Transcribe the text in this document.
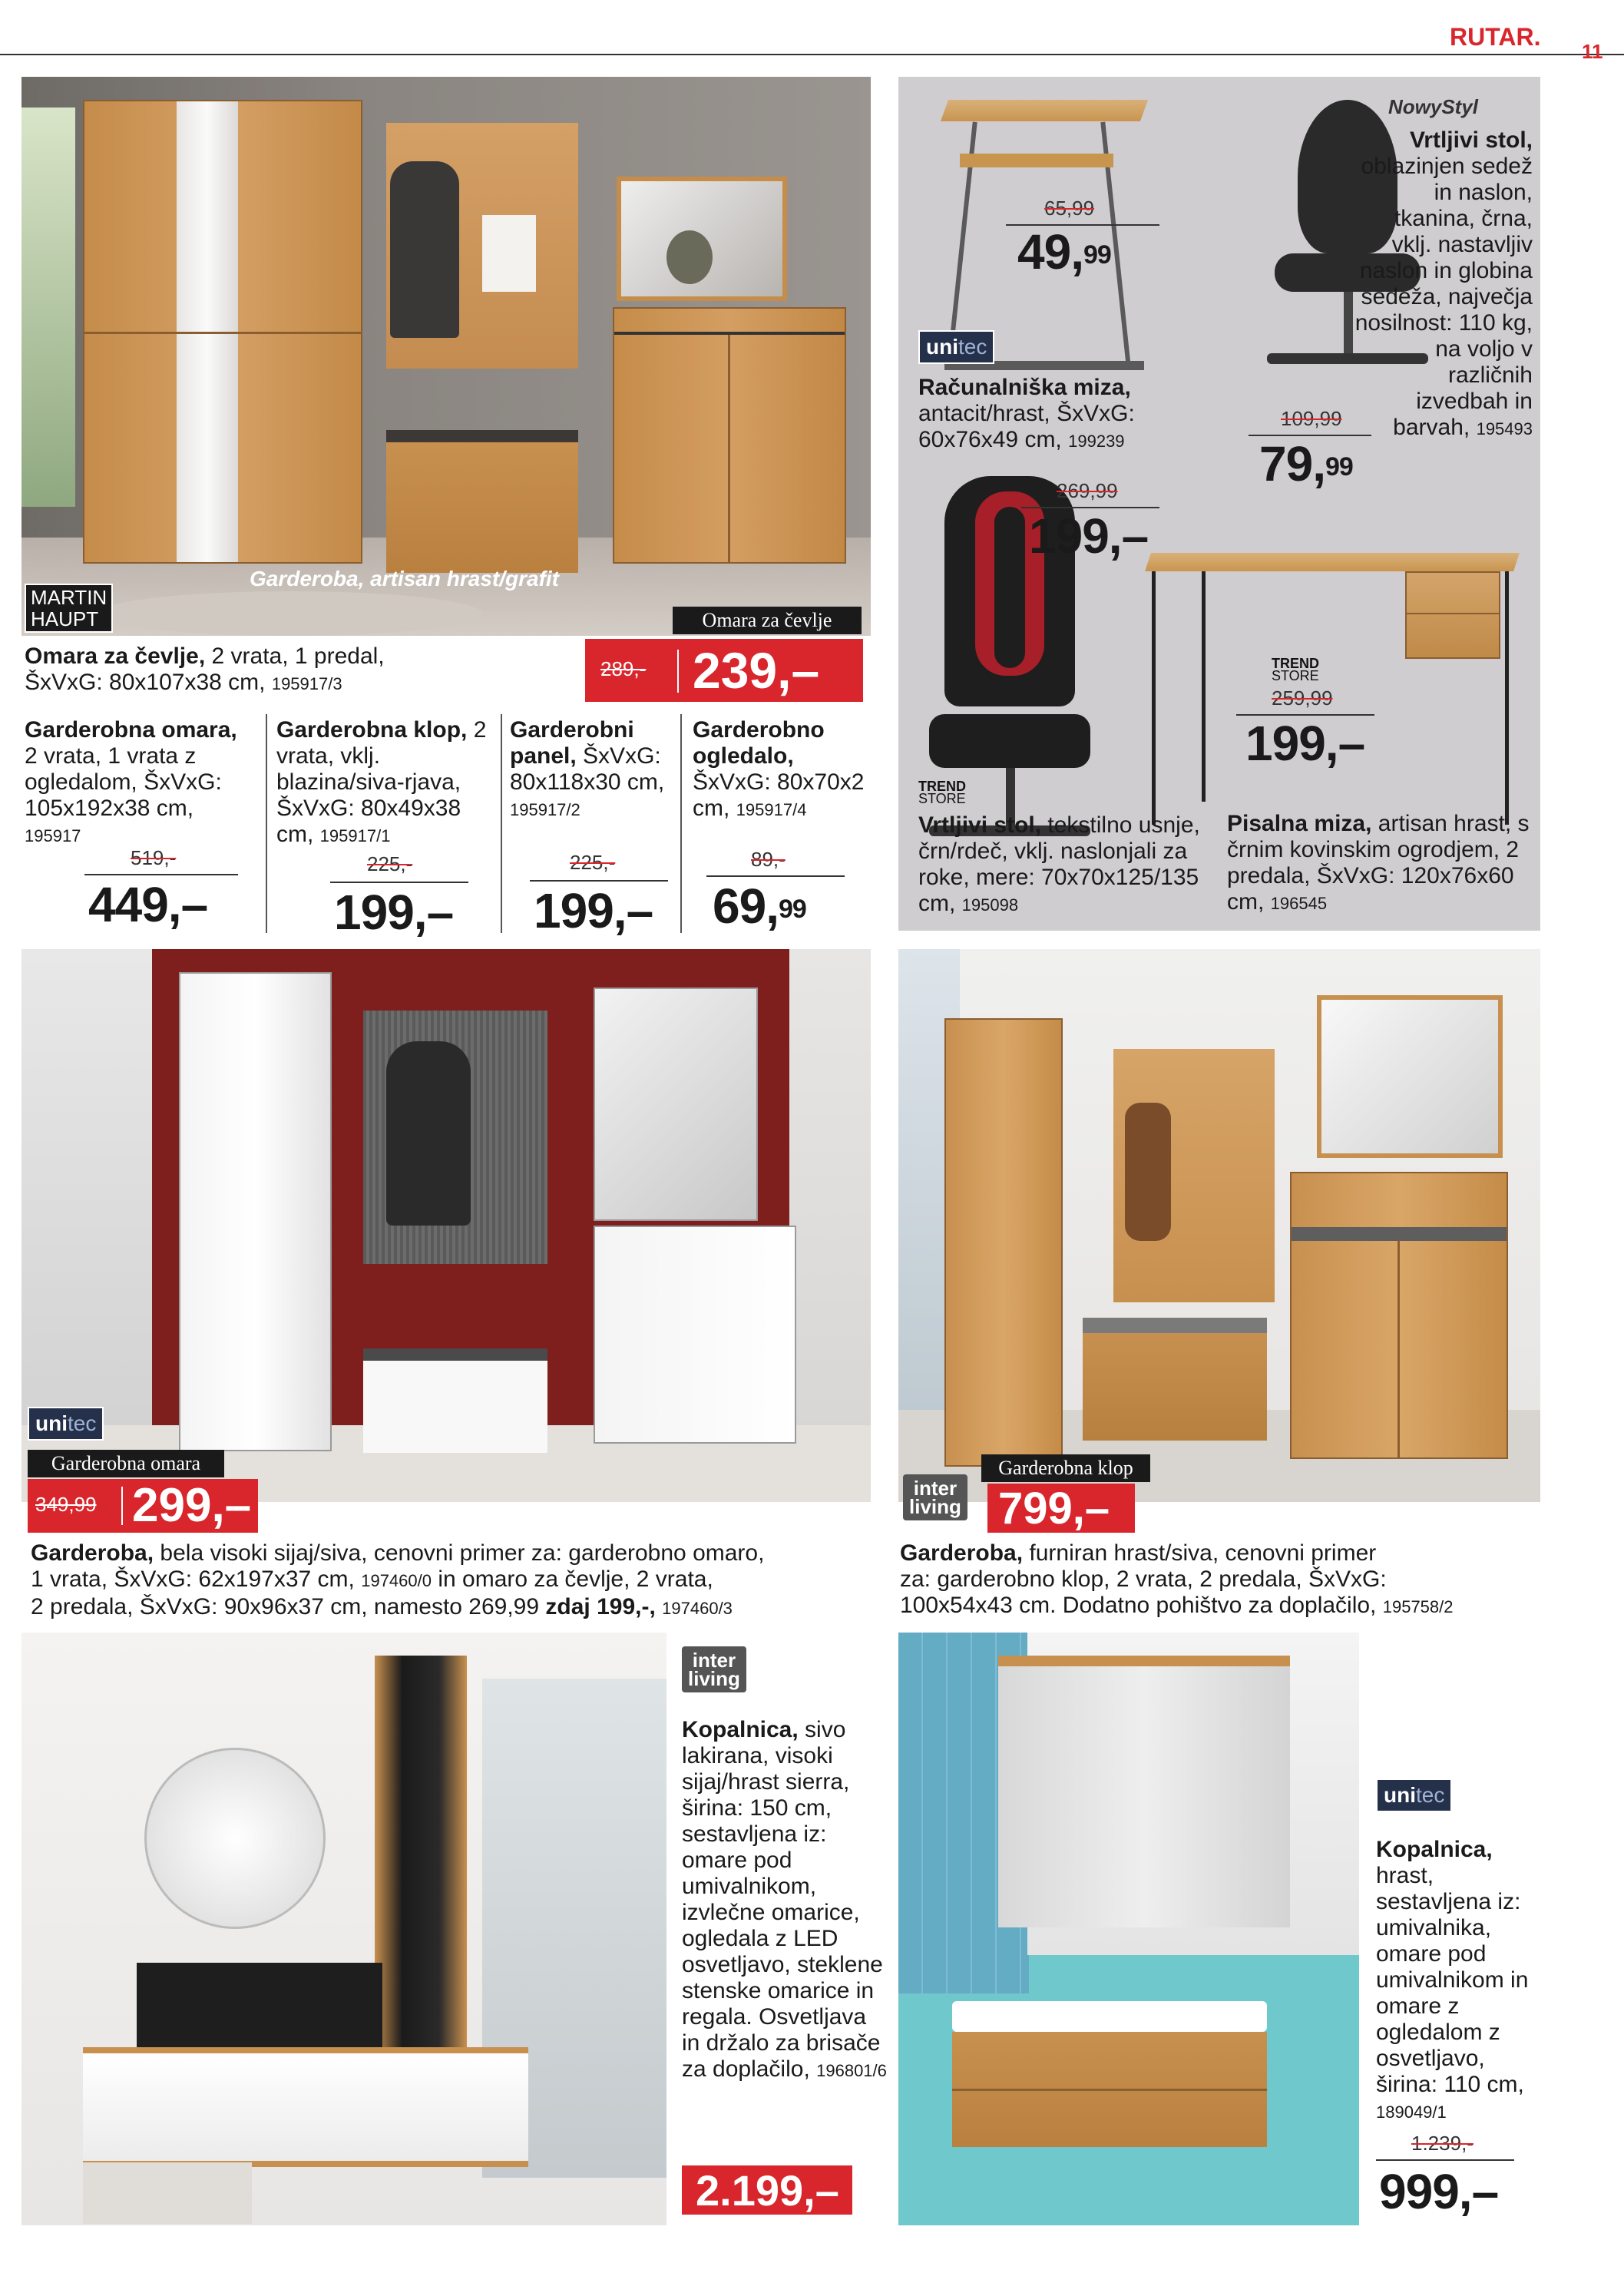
RUTAR.
11
Garderoba, artisan hrast/grafit
MARTIN
HAUPT	Omara za čevlje
Omara za čevlje, 2 vrata, 1 predal,
ŠxVxG: 80x107x38 cm, 195917/3
289,- 239,–
Garderobna omara, 2 vrata, 1 vrata z ogledalom, ŠxVxG: 105x192x38 cm, 195917
519,-
449,–
Garderobna klop, 2 vrata, vklj. blazina/siva-rjava, ŠxVxG: 80x49x38 cm, 195917/1
225,-
199,–
Garderobni panel, ŠxVxG: 80x118x30 cm, 195917/2
225,-
199,–
Garderobno ogledalo, ŠxVxG: 80x70x2 cm, 195917/4
89,-
69,99
65,99
49,99
unitec
Računalniška miza, antacit/hrast, ŠxVxG: 60x76x49 cm, 199239
NowyStyl
Vrtljivi stol, oblazinjen sedež in naslon, tkanina, črna, vklj. nastavljiv naslon in globina sedeža, največja nosilnost: 110 kg, na voljo v različnih izvedbah in barvah, 195493
109,99
79,99
269,99
199,–
TREND
STORE
259,99
199,–
TREND
STORE
Vrtljivi stol, tekstilno usnje, črn/rdeč, vklj. naslonjali za roke, mere: 70x70x125/135 cm, 195098
Pisalna miza, artisan hrast, s črnim kovinskim ogrodjem, 2 predala, ŠxVxG: 120x76x60 cm, 196545
unitec
Garderobna omara
349,99 299,–
Garderoba, bela visoki sijaj/siva, cenovni primer za: garderobno omaro,
1 vrata, ŠxVxG: 62x197x37 cm, 197460/0 in omaro za čevlje, 2 vrata,
2 predala, ŠxVxG: 90x96x37 cm, namesto 269,99 zdaj 199,-, 197460/3
Garderobna klop
inter
living 799,–
Garderoba, furniran hrast/siva, cenovni primer
za: garderobno klop, 2 vrata, 2 predala, ŠxVxG:
100x54x43 cm. Dodatno pohištvo za doplačilo, 195758/2
inter
living
Kopalnica, sivo lakirana, visoki sijaj/hrast sierra, širina: 150 cm, sestavljena iz: omare pod umivalnikom, izvlečne omarice, ogledala z LED osvetljavo, steklene stenske omarice in regala. Osvetljava in držalo za brisače za doplačilo, 196801/6
2.199,–
unitec
Kopalnica, hrast, sestavljena iz: umivalnika, omare pod umivalnikom in omare z ogledalom z osvetljavo, širina: 110 cm, 189049/1
1.239,-
999,–
